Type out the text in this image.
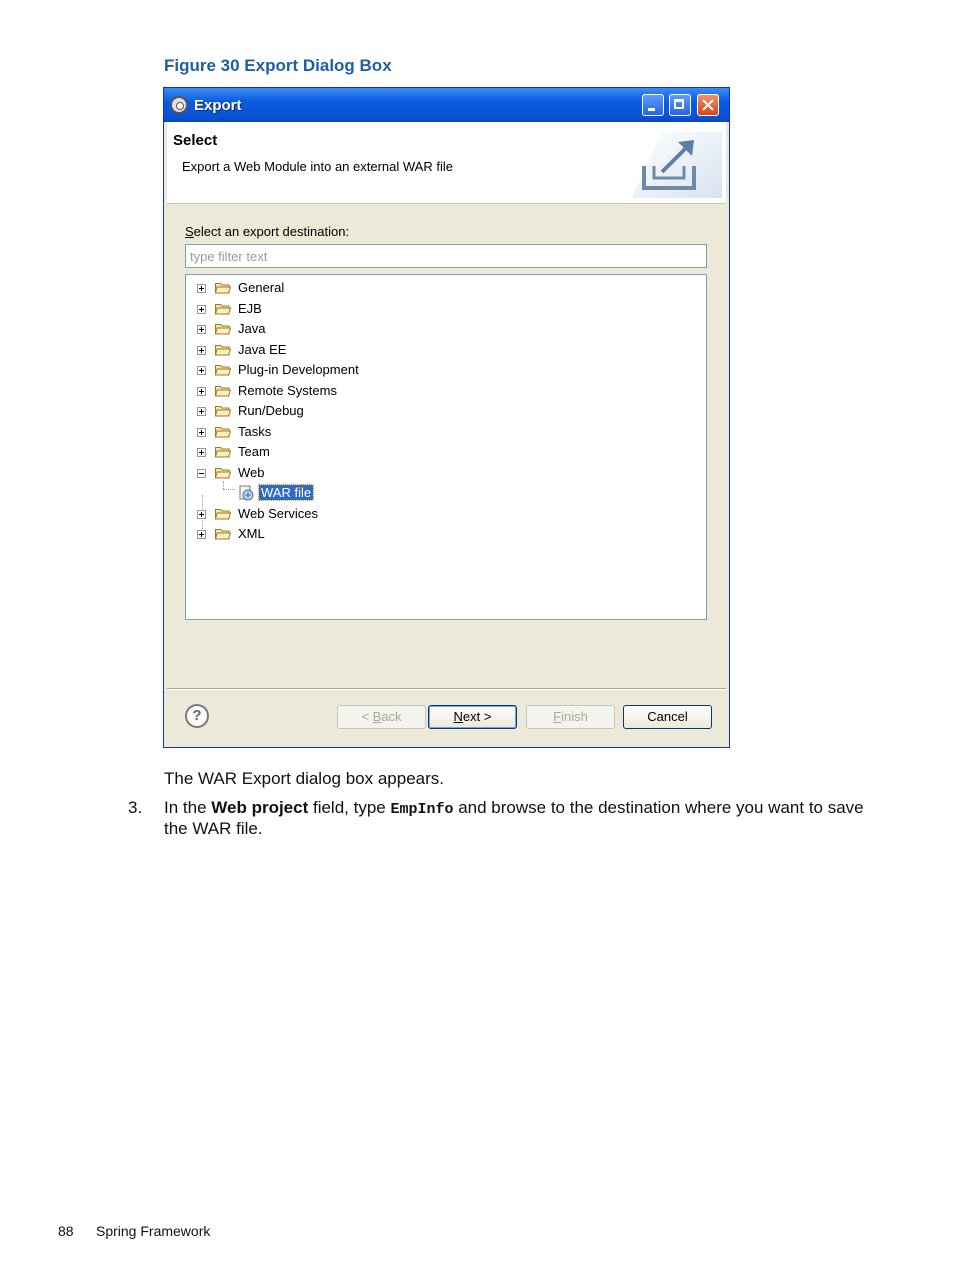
Figure 30 Export Dialog Box
Export
Select
Export a Web Module into an external WAR file
Select an export destination:
type filter text
General
EJB
Java
Java EE
Plug-in Development
Remote Systems
Run/Debug
Tasks
Team
Web
WAR file
Web Services
XML
?	< Back	Next >	Finish	Cancel
The WAR Export dialog box appears.
3. In the Web project field, type EmpInfo and browse to the destination where you want to save
the WAR file.
88 Spring Framework
